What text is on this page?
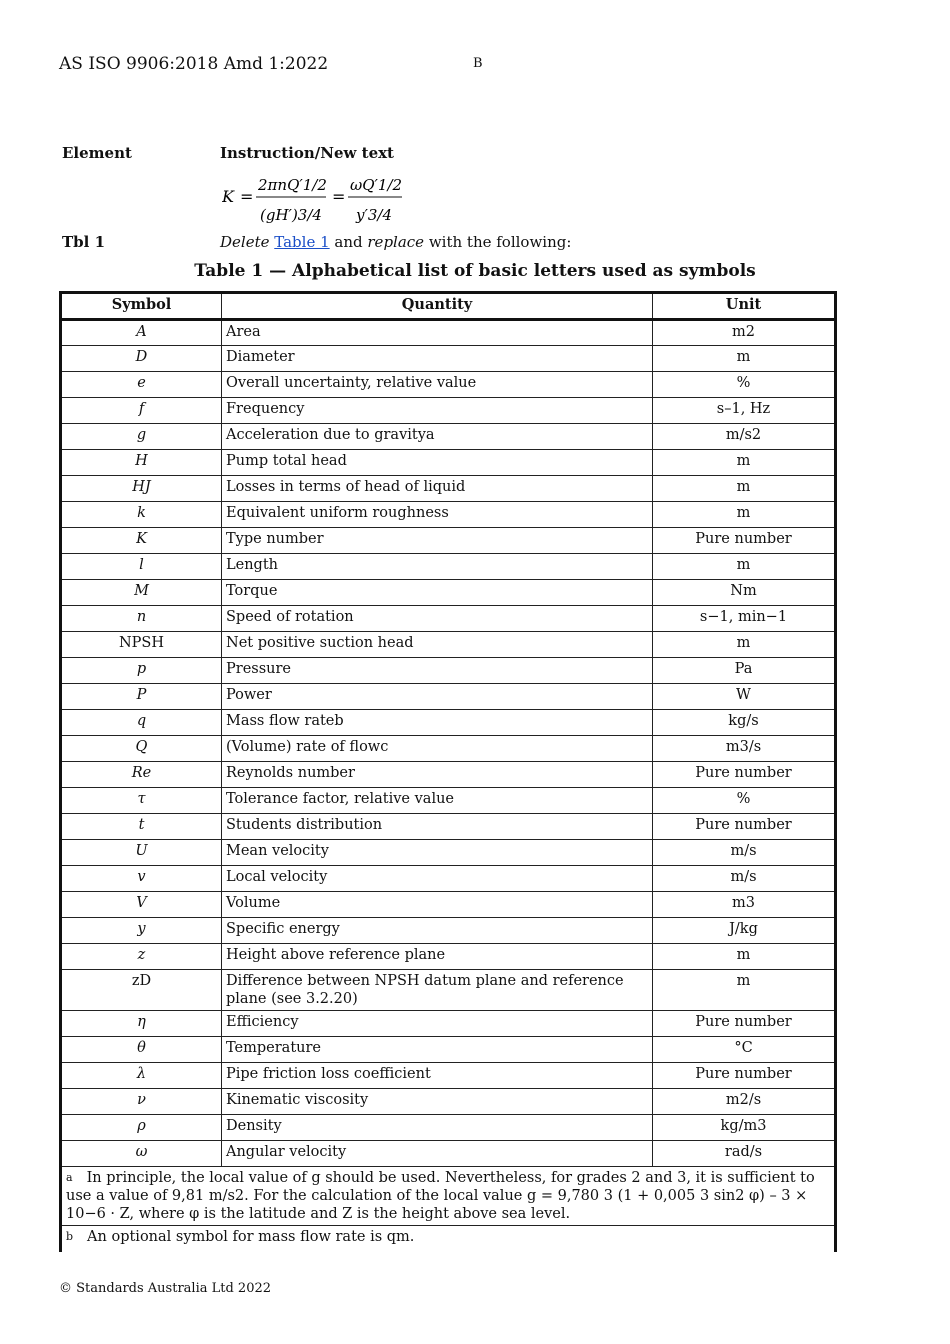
AS ISO 9906:2018 Amd 1:2022	B
Element	Instruction/New text
K =
2πnQ′1/2
(gH′)3/4
=
ωQ′1/2
y′3/4
Tbl 1	Delete Table 1 and replace with the following:
Table 1 — Alphabetical list of basic letters used as symbols
Symbol	Quantity	Unit
A	Area	m2
D	Diameter	m
e	Overall uncertainty, relative value	%
f	Frequency	s–1, Hz
g	Acceleration due to gravitya	m/s2
H	Pump total head	m
HJ	Losses in terms of head of liquid	m
k	Equivalent uniform roughness	m
K	Type number	Pure number
l	Length	m
M	Torque	Nm
n	Speed of rotation	s−1, min−1
NPSH	Net positive suction head	m
p	Pressure	Pa
P	Power	W
q	Mass flow rateb	kg/s
Q	(Volume) rate of flowc	m3/s
Re	Reynolds number	Pure number
τ	Tolerance factor, relative value	%
t	Students distribution	Pure number
U	Mean velocity	m/s
v	Local velocity	m/s
V	Volume	m3
y	Specific energy	J/kg
z	Height above reference plane	m
zD	Difference between NPSH datum plane and reference plane (see 3.2.20)	m
η	Efficiency	Pure number
θ	Temperature	°C
λ	Pipe friction loss coefficient	Pure number
ν	Kinematic viscosity	m2/s
ρ	Density	kg/m3
ω	Angular velocity	rad/s
$^a$ In principle, the local value of g should be used. Nevertheless, for grades 2 and 3, it is sufficient to use a value of 9,81 m/s2. For the calculation of the local value g = 9,780 3 (1 + 0,005 3 sin2 φ) – 3 × 10−6 · Z, where φ is the latitude and Z is the height above sea level.		
$^b$ An optional symbol for mass flow rate is qm.		
© Standards Australia Ltd 2022
